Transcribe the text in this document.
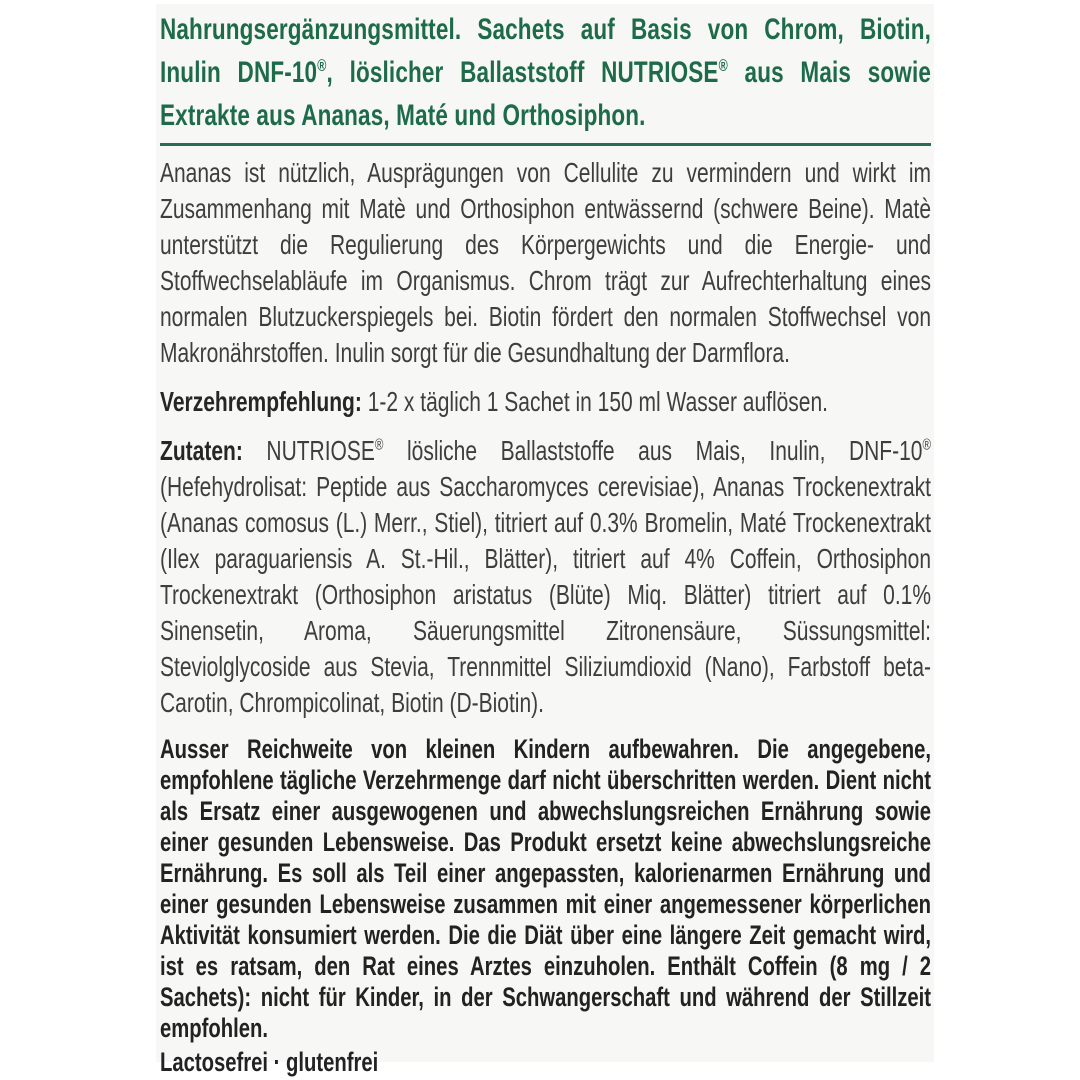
Nahrungsergänzungsmittel. Sachets auf Basis von Chrom, Biotin, Inulin DNF-10®, löslicher Ballaststoff NUTRIOSE® aus Mais sowie Extrakte aus Ananas, Maté und Orthosiphon.

Ananas ist nützlich, Ausprägungen von Cellulite zu vermindern und wirkt im Zusammenhang mit Matè und Orthosiphon entwässernd (schwere Beine). Matè unterstützt die Regulierung des Körpergewichts und die Energie- und Stoffwechselabläufe im Organismus. Chrom trägt zur Aufrechterhaltung eines normalen Blutzuckerspiegels bei. Biotin fördert den normalen Stoffwechsel von Makronährstoffen. Inulin sorgt für die Gesundhaltung der Darmflora.

Verzehrempfehlung: 1-2 x täglich 1 Sachet in 150 ml Wasser auflösen.

Zutaten: NUTRIOSE® lösliche Ballaststoffe aus Mais, Inulin, DNF-10® (Hefehydrolisat: Peptide aus Saccharomyces cerevisiae), Ananas Trockenextrakt (Ananas comosus (L.) Merr., Stiel), titriert auf 0.3% Bromelin, Maté Trockenextrakt (Ilex paraguariensis A. St.-Hil., Blätter), titriert auf 4% Coffein, Orthosiphon Trockenextrakt (Orthosiphon aristatus (Blüte) Miq. Blätter) titriert auf 0.1% Sinensetin, Aroma, Säuerungsmittel Zitronensäure, Süssungsmittel: Steviolglycoside aus Stevia, Trennmittel Siliziumdioxid (Nano), Farbstoff beta-Carotin, Chrompicolinat, Biotin (D-Biotin).

Ausser Reichweite von kleinen Kindern aufbewahren. Die angegebene, empfohlene tägliche Verzehrmenge darf nicht überschritten werden. Dient nicht als Ersatz einer ausgewogenen und abwechslungsreichen Ernährung sowie einer gesunden Lebensweise. Das Produkt ersetzt keine abwechslungsreiche Ernährung. Es soll als Teil einer angepassten, kalorienarmen Ernährung und einer gesunden Lebensweise zusammen mit einer angemessener körperlichen Aktivität konsumiert werden. Die die Diät über eine längere Zeit gemacht wird, ist es ratsam, den Rat eines Arztes einzuholen. Enthält Coffein (8 mg / 2 Sachets): nicht für Kinder, in der Schwangerschaft und während der Stillzeit empfohlen.

Lactosefrei · glutenfrei
